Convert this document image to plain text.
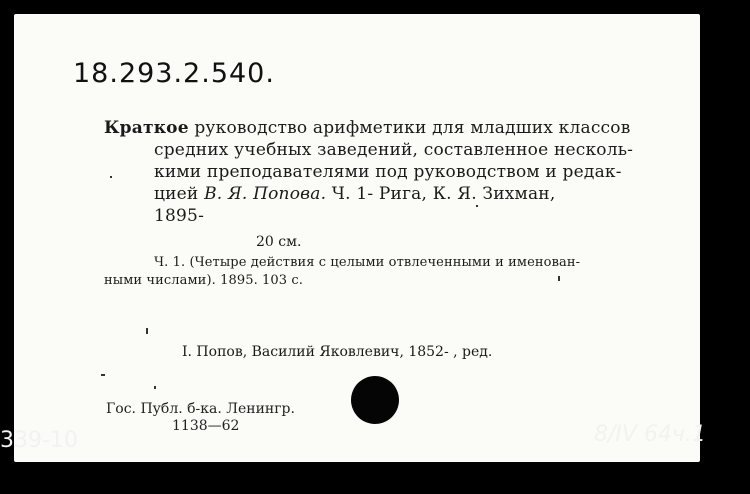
18.293.2.540.
Краткое руководство арифметики для младших классов
средних учебных заведений, составленное несколь-
кими преподавателями под руководством и редак-
цией В. Я. Попова. Ч. 1- Рига, К. Я. Зихман,
1895-
20 см.
Ч. 1. (Четыре действия с целыми отвлеченными и именован-
ными числами). 1895. 103 с.
I. Попов, Василий Яковлевич, 1852- , ред.
Гос. Публ. б-ка. Ленингр.
1138—62
339-10	8/IV 64ч.1
